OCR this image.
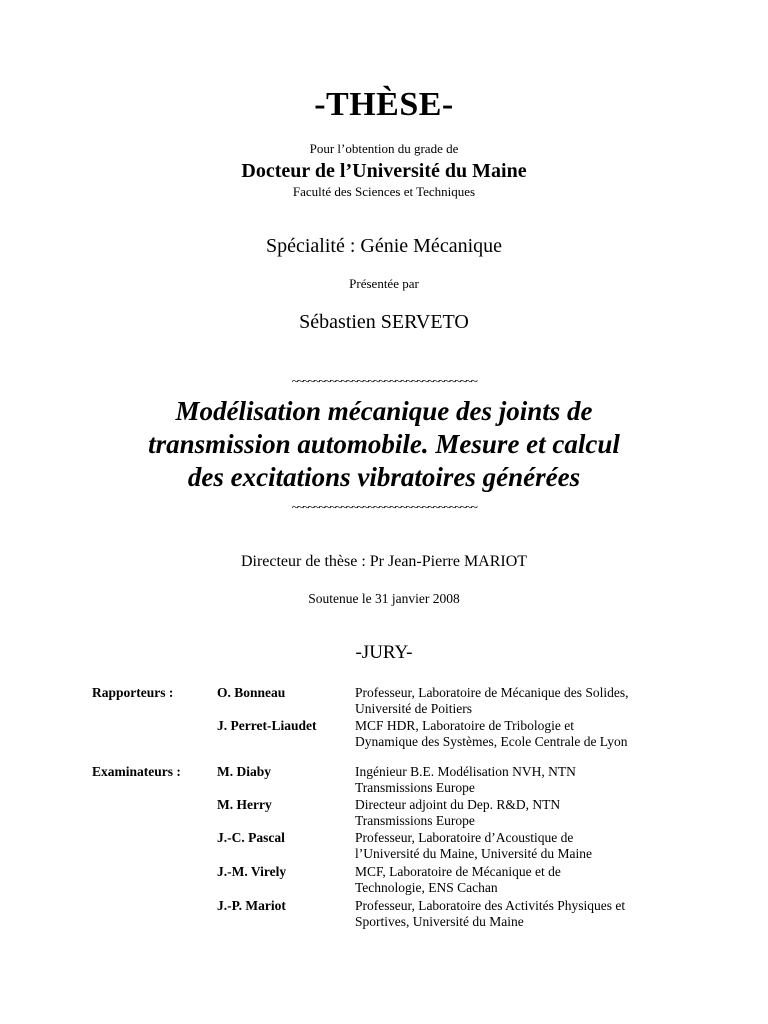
-THÈSE-
Pour l’obtention du grade de
Docteur de l’Université du Maine
Faculté des Sciences et Techniques
Spécialité : Génie Mécanique
Présentée par
Sébastien SERVETO
~~~~~~~~~~~~~~~~~~~~~~~~~~~~~~~~~~
Modélisation mécanique des joints de
transmission automobile. Mesure et calcul
des excitations vibratoires générées
~~~~~~~~~~~~~~~~~~~~~~~~~~~~~~~~~~
Directeur de thèse : Pr Jean-Pierre MARIOT
Soutenue le 31 janvier 2008
-JURY-
Rapporteurs :	O. Bonneau	Professeur, Laboratoire de Mécanique des Solides,
Université de Poitiers
J. Perret-Liaudet	MCF HDR, Laboratoire de Tribologie et
Dynamique des Systèmes, Ecole Centrale de Lyon
Examinateurs :	M. Diaby	Ingénieur B.E. Modélisation NVH, NTN
Transmissions Europe
M. Herry	Directeur adjoint du Dep. R&D, NTN
Transmissions Europe
J.-C. Pascal	Professeur, Laboratoire d’Acoustique de
l’Université du Maine, Université du Maine
J.-M. Virely	MCF, Laboratoire de Mécanique et de
Technologie, ENS Cachan
J.-P. Mariot	Professeur, Laboratoire des Activités Physiques et
Sportives, Université du Maine
